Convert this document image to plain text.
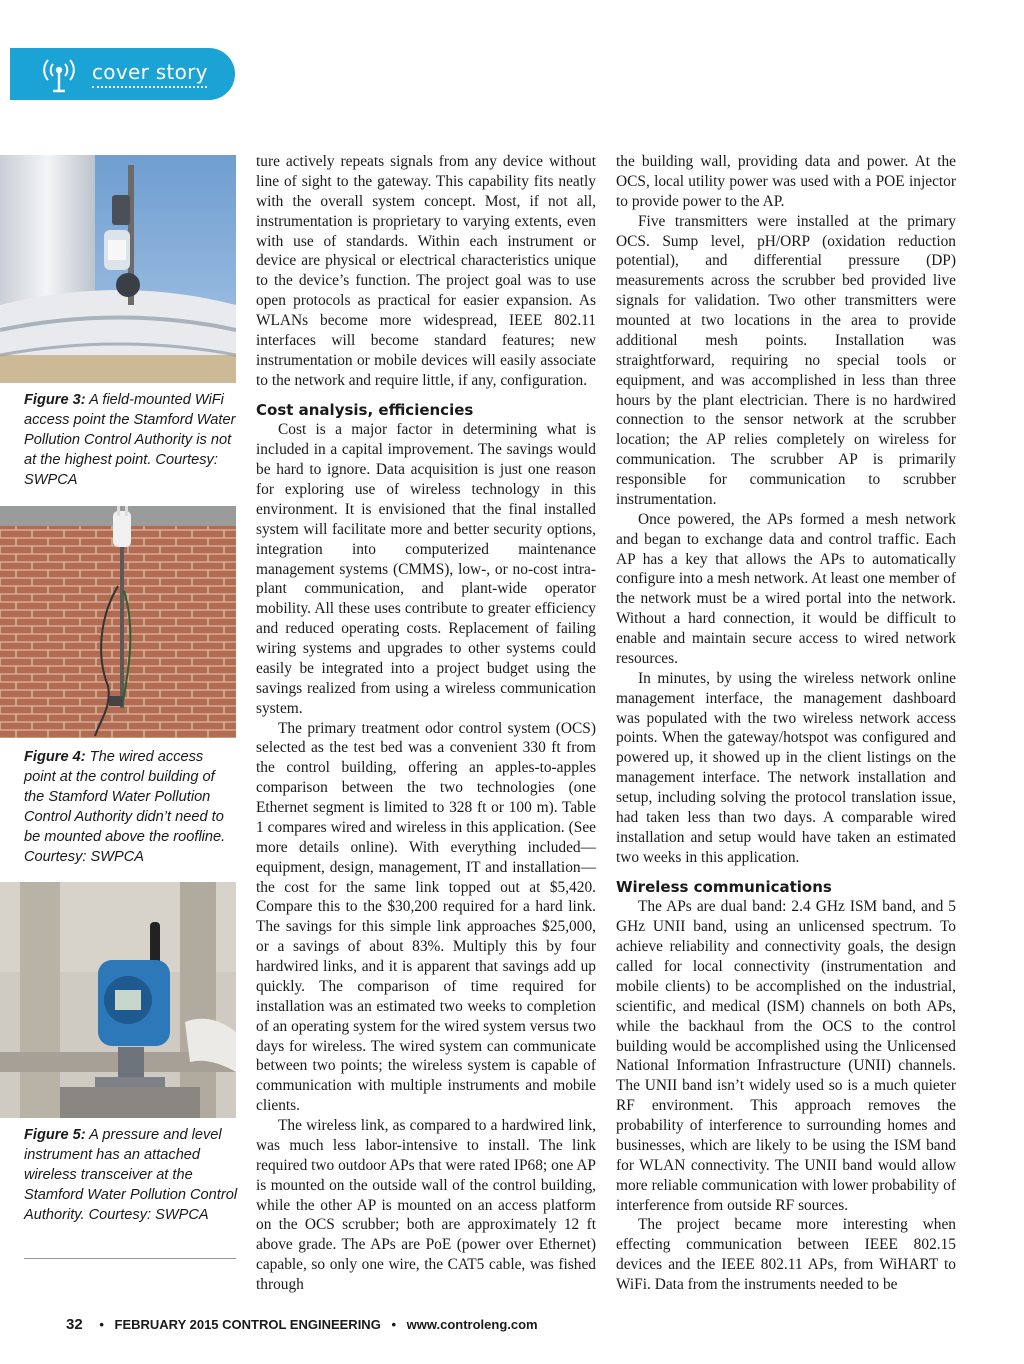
cover story
Figure 3: A field-mounted WiFi access point the Stamford Water Pollution Control Authority is not at the highest point. Courtesy: SWPCA
Figure 4: The wired access point at the control building of the Stamford Water Pollution Control Authority didn’t need to be mounted above the roofline. Courtesy: SWPCA
Figure 5: A pressure and level instrument has an attached wireless transceiver at the Stamford Water Pollution Control Authority. Courtesy: SWPCA

ture actively repeats signals from any device without line of sight to the gateway. This capability fits neatly with the overall system concept. Most, if not all, instrumentation is proprietary to varying extents, even with use of standards. Within each instrument or device are physical or electrical characteristics unique to the device’s function. The project goal was to use open protocols as practical for easier expansion. As WLANs become more widespread, IEEE 802.11 interfaces will become standard features; new instrumentation or mobile devices will easily associate to the network and require little, if any, configuration.

Cost analysis, efficiencies

Cost is a major factor in determining what is included in a capital improvement. The savings would be hard to ignore. Data acquisition is just one reason for exploring use of wireless technology in this environment. It is envisioned that the final installed system will facilitate more and better security options, integration into computerized maintenance management systems (CMMS), low-, or no-cost intra-plant communication, and plant-wide operator mobility. All these uses contribute to greater efficiency and reduced operating costs. Replacement of failing wiring systems and upgrades to other systems could easily be integrated into a project budget using the savings realized from using a wireless communication system.

The primary treatment odor control system (OCS) selected as the test bed was a convenient 330 ft from the control building, offering an apples-to-apples comparison between the two technologies (one Ethernet segment is limited to 328 ft or 100 m). Table 1 compares wired and wireless in this application. (See more details online). With everything included—equipment, design, management, IT and installation—the cost for the same link topped out at $5,420. Compare this to the $30,200 required for a hard link. The savings for this simple link approaches $25,000, or a savings of about 83%. Multiply this by four hardwired links, and it is apparent that savings add up quickly. The comparison of time required for installation was an estimated two weeks to completion of an operating system for the wired system versus two days for wireless. The wired system can communicate between two points; the wireless system is capable of communication with multiple instruments and mobile clients.

The wireless link, as compared to a hardwired link, was much less labor-intensive to install. The link required two outdoor APs that were rated IP68; one AP is mounted on the outside wall of the control building, while the other AP is mounted on an access platform on the OCS scrubber; both are approximately 12 ft above grade. The APs are PoE (power over Ethernet) capable, so only one wire, the CAT5 cable, was fished through

the building wall, providing data and power. At the OCS, local utility power was used with a POE injector to provide power to the AP.

Five transmitters were installed at the primary OCS. Sump level, pH/ORP (oxidation reduction potential), and differential pressure (DP) measurements across the scrubber bed provided live signals for validation. Two other transmitters were mounted at two locations in the area to provide additional mesh points. Installation was straightforward, requiring no special tools or equipment, and was accomplished in less than three hours by the plant electrician. There is no hardwired connection to the sensor network at the scrubber location; the AP relies completely on wireless for communication. The scrubber AP is primarily responsible for communication to scrubber instrumentation.

Once powered, the APs formed a mesh network and began to exchange data and control traffic. Each AP has a key that allows the APs to automatically configure into a mesh network. At least one member of the network must be a wired portal into the network. Without a hard connection, it would be difficult to enable and maintain secure access to wired network resources.

In minutes, by using the wireless network online management interface, the management dashboard was populated with the two wireless network access points. When the gateway/hotspot was configured and powered up, it showed up in the client listings on the management interface. The network installation and setup, including solving the protocol translation issue, had taken less than two days. A comparable wired installation and setup would have taken an estimated two weeks in this application.

Wireless communications

The APs are dual band: 2.4 GHz ISM band, and 5 GHz UNII band, using an unlicensed spectrum. To achieve reliability and connectivity goals, the design called for local connectivity (instrumentation and mobile clients) to be accomplished on the industrial, scientific, and medical (ISM) channels on both APs, while the backhaul from the OCS to the control building would be accomplished using the Unlicensed National Information Infrastructure (UNII) channels. The UNII band isn’t widely used so is a much quieter RF environment. This approach removes the probability of interference to surrounding homes and businesses, which are likely to be using the ISM band for WLAN connectivity. The UNII band would allow more reliable communication with lower probability of interference from outside RF sources.

The project became more interesting when effecting communication between IEEE 802.15 devices and the IEEE 802.11 APs, from WiHART to WiFi. Data from the instruments needed to be

32 • FEBRUARY 2015 CONTROL ENGINEERING • www.controleng.com
